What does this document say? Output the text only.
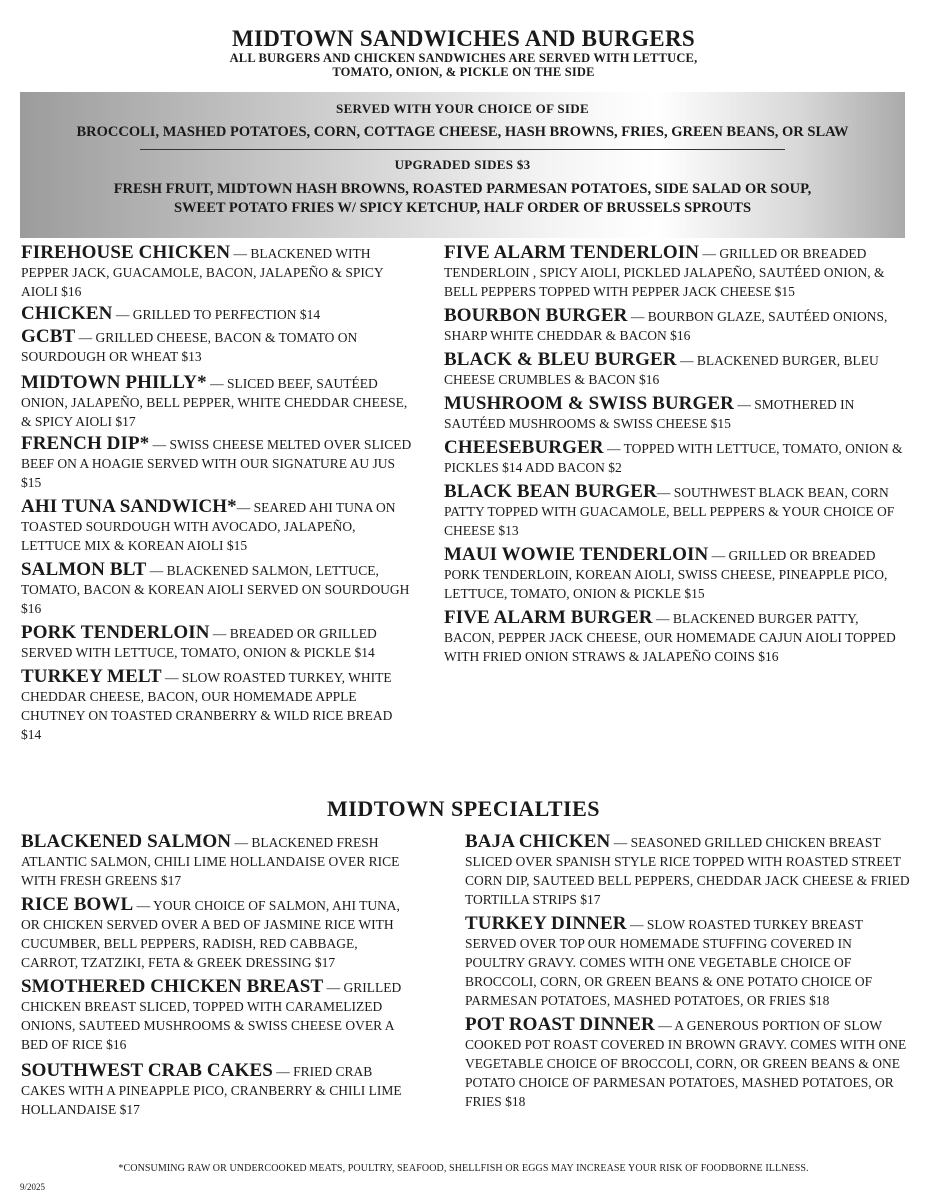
MIDTOWN SANDWICHES AND BURGERS
ALL BURGERS AND CHICKEN SANDWICHES ARE SERVED WITH LETTUCE,
TOMATO, ONION, & PICKLE ON THE SIDE
SERVED WITH YOUR CHOICE OF SIDE
BROCCOLI, MASHED POTATOES, CORN, COTTAGE CHEESE, HASH BROWNS, FRIES, GREEN BEANS, OR SLAW
UPGRADED SIDES $3
FRESH FRUIT, MIDTOWN HASH BROWNS, ROASTED PARMESAN POTATOES, SIDE SALAD OR SOUP,
SWEET POTATO FRIES W/ SPICY KETCHUP, HALF ORDER OF BRUSSELS SPROUTS
FIREHOUSE CHICKEN — BLACKENED WITH PEPPER JACK, GUACAMOLE, BACON, JALAPEÑO & SPICY AIOLI $16
CHICKEN — GRILLED TO PERFECTION $14
GCBT — GRILLED CHEESE, BACON & TOMATO ON SOURDOUGH OR WHEAT $13
MIDTOWN PHILLY* — SLICED BEEF, SAUTÉED ONION, JALAPEÑO, BELL PEPPER, WHITE CHEDDAR CHEESE, & SPICY AIOLI $17
FRENCH DIP* — SWISS CHEESE MELTED OVER SLICED BEEF ON A HOAGIE SERVED WITH OUR SIGNATURE AU JUS $15
AHI TUNA SANDWICH*— SEARED AHI TUNA ON TOASTED SOURDOUGH WITH AVOCADO, JALAPEÑO, LETTUCE MIX & KOREAN AIOLI $15
SALMON BLT — BLACKENED SALMON, LETTUCE, TOMATO, BACON & KOREAN AIOLI SERVED ON SOURDOUGH $16
PORK TENDERLOIN — BREADED OR GRILLED SERVED WITH LETTUCE, TOMATO, ONION & PICKLE $14
TURKEY MELT — SLOW ROASTED TURKEY, WHITE CHEDDAR CHEESE, BACON, OUR HOMEMADE APPLE CHUTNEY ON TOASTED CRANBERRY & WILD RICE BREAD $14
FIVE ALARM TENDERLOIN — GRILLED OR BREADED TENDERLOIN , SPICY AIOLI, PICKLED JALAPEÑO, SAUTÉED ONION, & BELL PEPPERS TOPPED WITH PEPPER JACK CHEESE $15
BOURBON BURGER — BOURBON GLAZE, SAUTÉED ONIONS, SHARP WHITE CHEDDAR & BACON $16
BLACK & BLEU BURGER — BLACKENED BURGER, BLEU CHEESE CRUMBLES & BACON $16
MUSHROOM & SWISS BURGER — SMOTHERED IN SAUTÉED MUSHROOMS & SWISS CHEESE $15
CHEESEBURGER — TOPPED WITH LETTUCE, TOMATO, ONION & PICKLES $14 ADD BACON $2
BLACK BEAN BURGER— SOUTHWEST BLACK BEAN, CORN PATTY TOPPED WITH GUACAMOLE, BELL PEPPERS & YOUR CHOICE OF CHEESE $13
MAUI WOWIE TENDERLOIN — GRILLED OR BREADED PORK TENDERLOIN, KOREAN AIOLI, SWISS CHEESE, PINEAPPLE PICO, LETTUCE, TOMATO, ONION & PICKLE $15
FIVE ALARM BURGER — BLACKENED BURGER PATTY, BACON, PEPPER JACK CHEESE, OUR HOMEMADE CAJUN AIOLI TOPPED WITH FRIED ONION STRAWS & JALAPEÑO COINS $16
MIDTOWN SPECIALTIES
BLACKENED SALMON — BLACKENED FRESH ATLANTIC SALMON, CHILI LIME HOLLANDAISE OVER RICE WITH FRESH GREENS $17
RICE BOWL — YOUR CHOICE OF SALMON, AHI TUNA, OR CHICKEN SERVED OVER A BED OF JASMINE RICE WITH CUCUMBER, BELL PEPPERS, RADISH, RED CABBAGE, CARROT, TZATZIKI, FETA & GREEK DRESSING $17
SMOTHERED CHICKEN BREAST — GRILLED CHICKEN BREAST SLICED, TOPPED WITH CARAMELIZED ONIONS, SAUTEED MUSHROOMS & SWISS CHEESE OVER A BED OF RICE $16
SOUTHWEST CRAB CAKES — FRIED CRAB CAKES WITH A PINEAPPLE PICO, CRANBERRY & CHILI LIME HOLLANDAISE $17
BAJA CHICKEN — SEASONED GRILLED CHICKEN BREAST SLICED OVER SPANISH STYLE RICE TOPPED WITH ROASTED STREET CORN DIP, SAUTEED BELL PEPPERS, CHEDDAR JACK CHEESE & FRIED TORTILLA STRIPS $17
TURKEY DINNER — SLOW ROASTED TURKEY BREAST SERVED OVER TOP OUR HOMEMADE STUFFING COVERED IN POULTRY GRAVY. COMES WITH ONE VEGETABLE CHOICE OF BROCCOLI, CORN, OR GREEN BEANS & ONE POTATO CHOICE OF PARMESAN POTATOES, MASHED POTATOES, OR FRIES $18
POT ROAST DINNER — A GENEROUS PORTION OF SLOW COOKED POT ROAST COVERED IN BROWN GRAVY. COMES WITH ONE VEGETABLE CHOICE OF BROCCOLI, CORN, OR GREEN BEANS & ONE POTATO CHOICE OF PARMESAN POTATOES, MASHED POTATOES, OR FRIES $18
*CONSUMING RAW OR UNDERCOOKED MEATS, POULTRY, SEAFOOD, SHELLFISH OR EGGS MAY INCREASE YOUR RISK OF FOODBORNE ILLNESS.
9/2025
